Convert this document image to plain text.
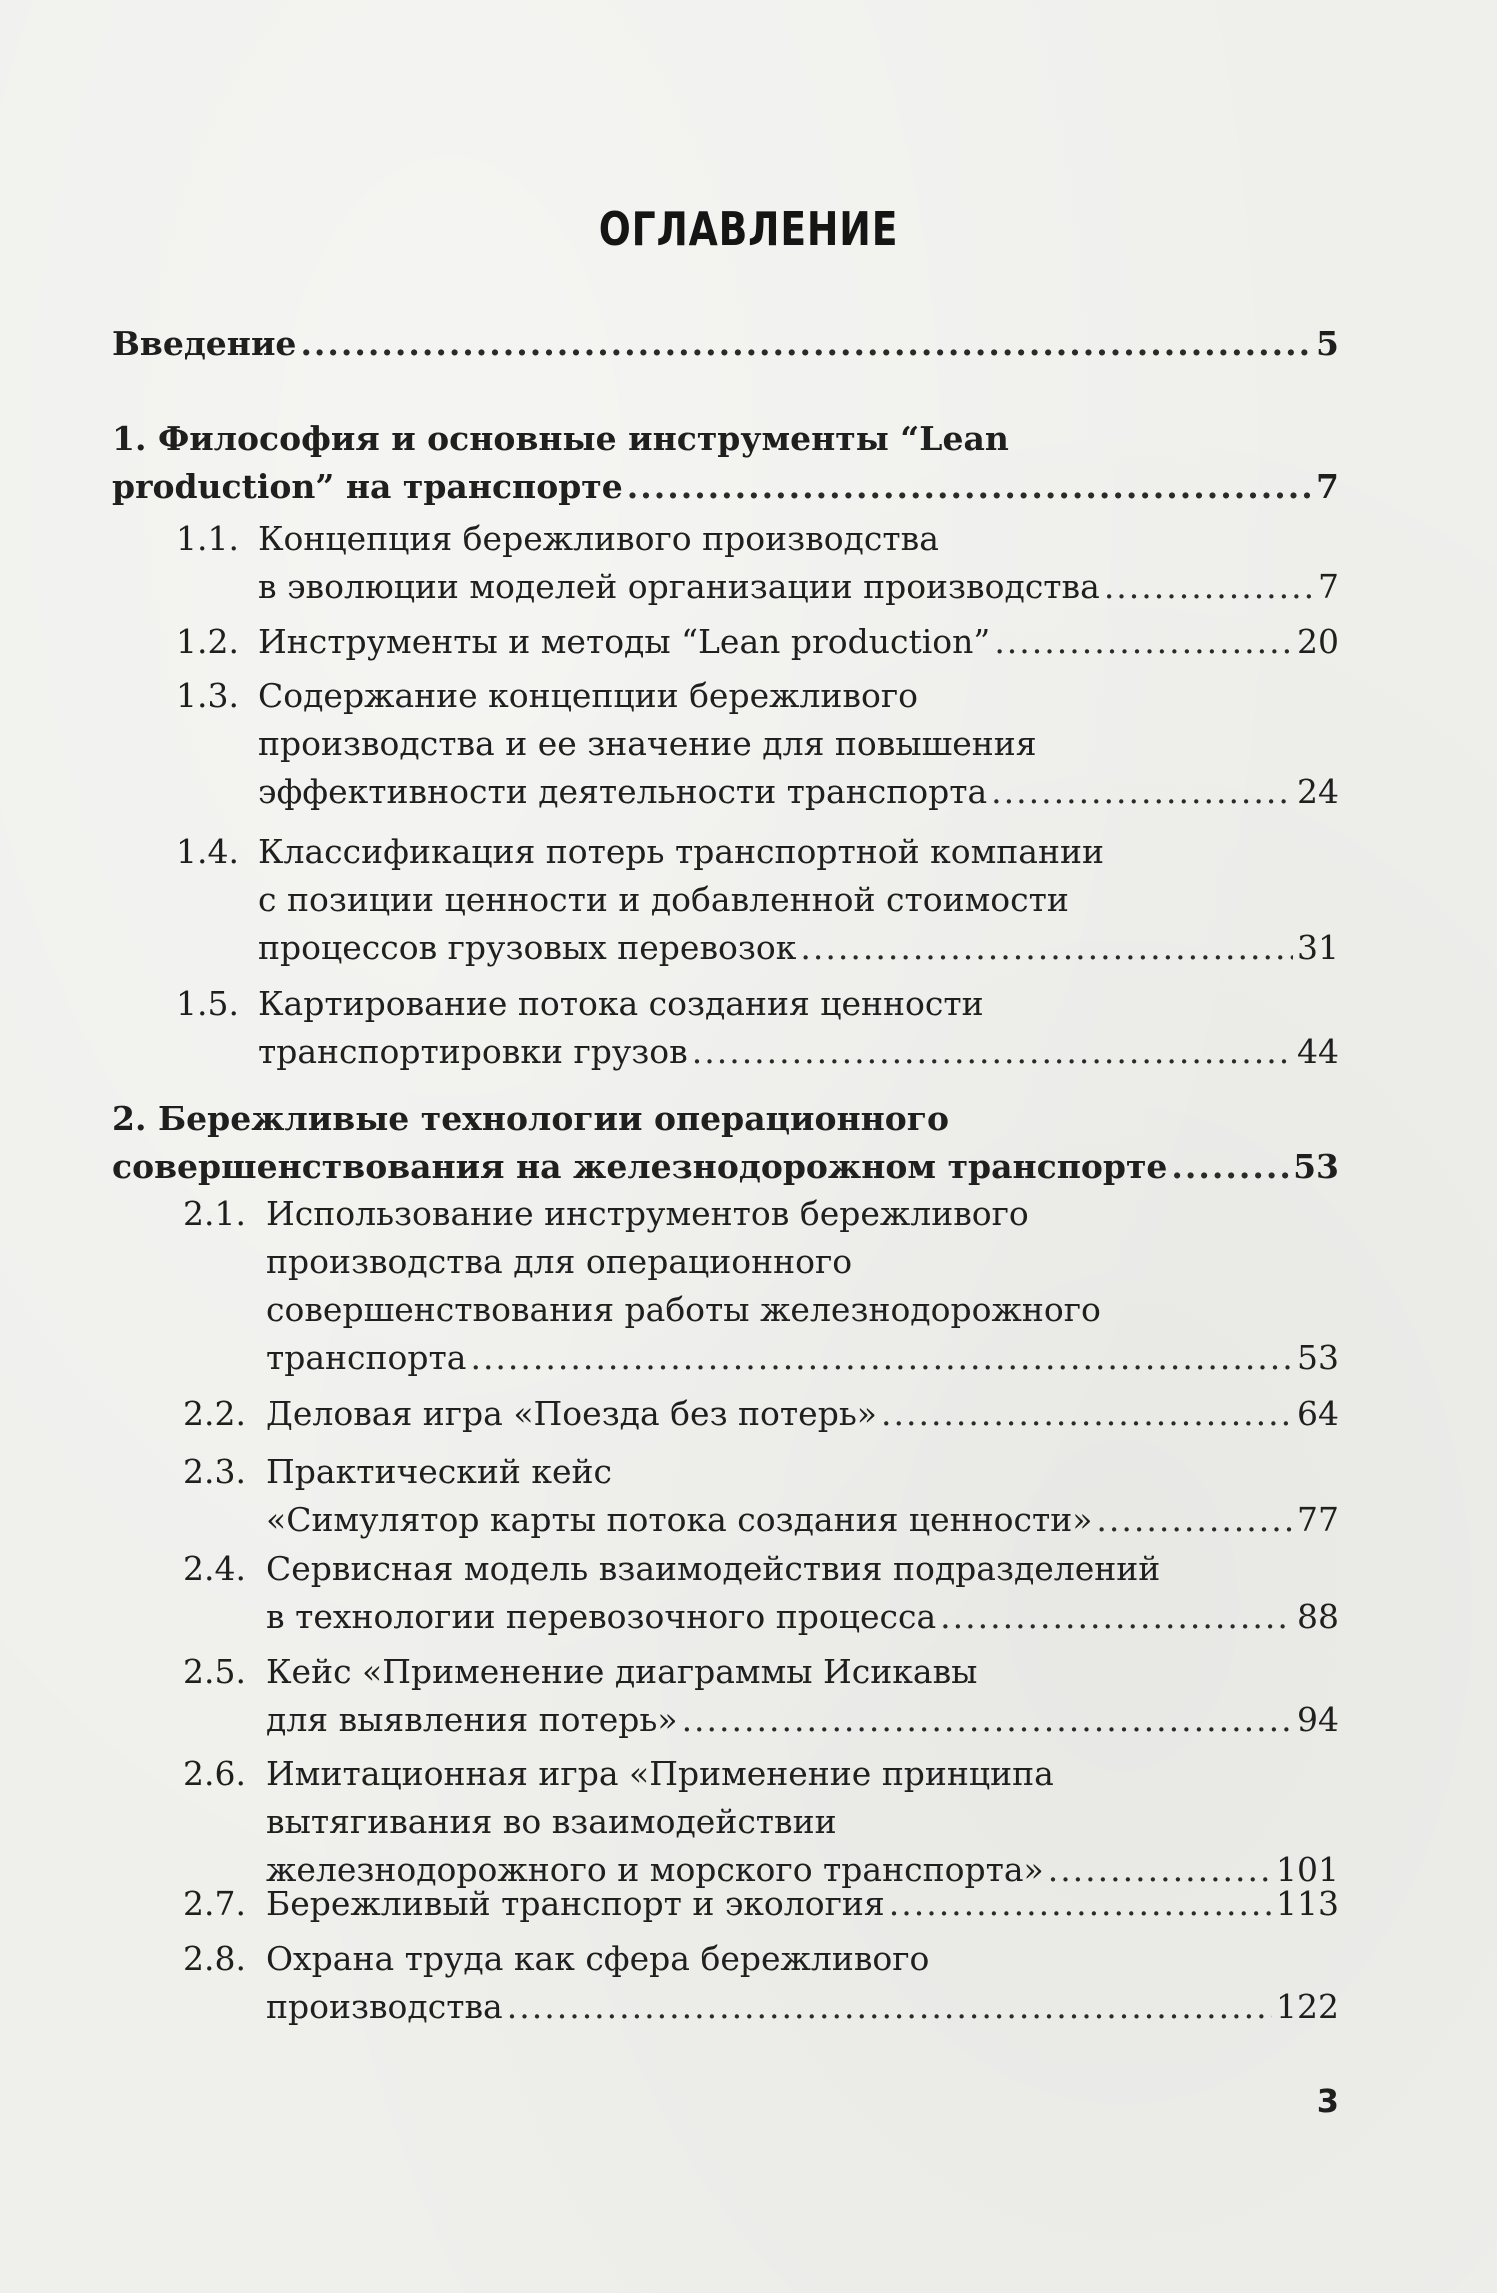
ОГЛАВЛЕНИЕ
Введение .....	5
1. Философия и основные инструменты “Lean
production” на транспорте .....	7
1.1. Концепция бережливого производства
в эволюции моделей организации производства .....	7
1.2. Инструменты и методы “Lean production” .....	20
1.3. Содержание концепции бережливого
производства и ее значение для повышения
эффективности деятельности транспорта .....	24
1.4. Классификация потерь транспортной компании
с позиции ценности и добавленной стоимости
процессов грузовых перевозок .....	31
1.5. Картирование потока создания ценности
транспортировки грузов .....	44
2. Бережливые технологии операционного
совершенствования на железнодорожном транспорте .....	53
2.1. Использование инструментов бережливого
производства для операционного
совершенствования работы железнодорожного
транспорта .....	53
2.2. Деловая игра «Поезда без потерь» .....	64
2.3. Практический кейс
«Симулятор карты потока создания ценности» .....	77
2.4. Сервисная модель взаимодействия подразделений
в технологии перевозочного процесса .....	88
2.5. Кейс «Применение диаграммы Исикавы
для выявления потерь» .....	94
2.6. Имитационная игра «Применение принципа
вытягивания во взаимодействии
железнодорожного и морского транспорта» .....	101
2.7. Бережливый транспорт и экология .....	113
2.8. Охрана труда как сфера бережливого
производства .....	122
3
